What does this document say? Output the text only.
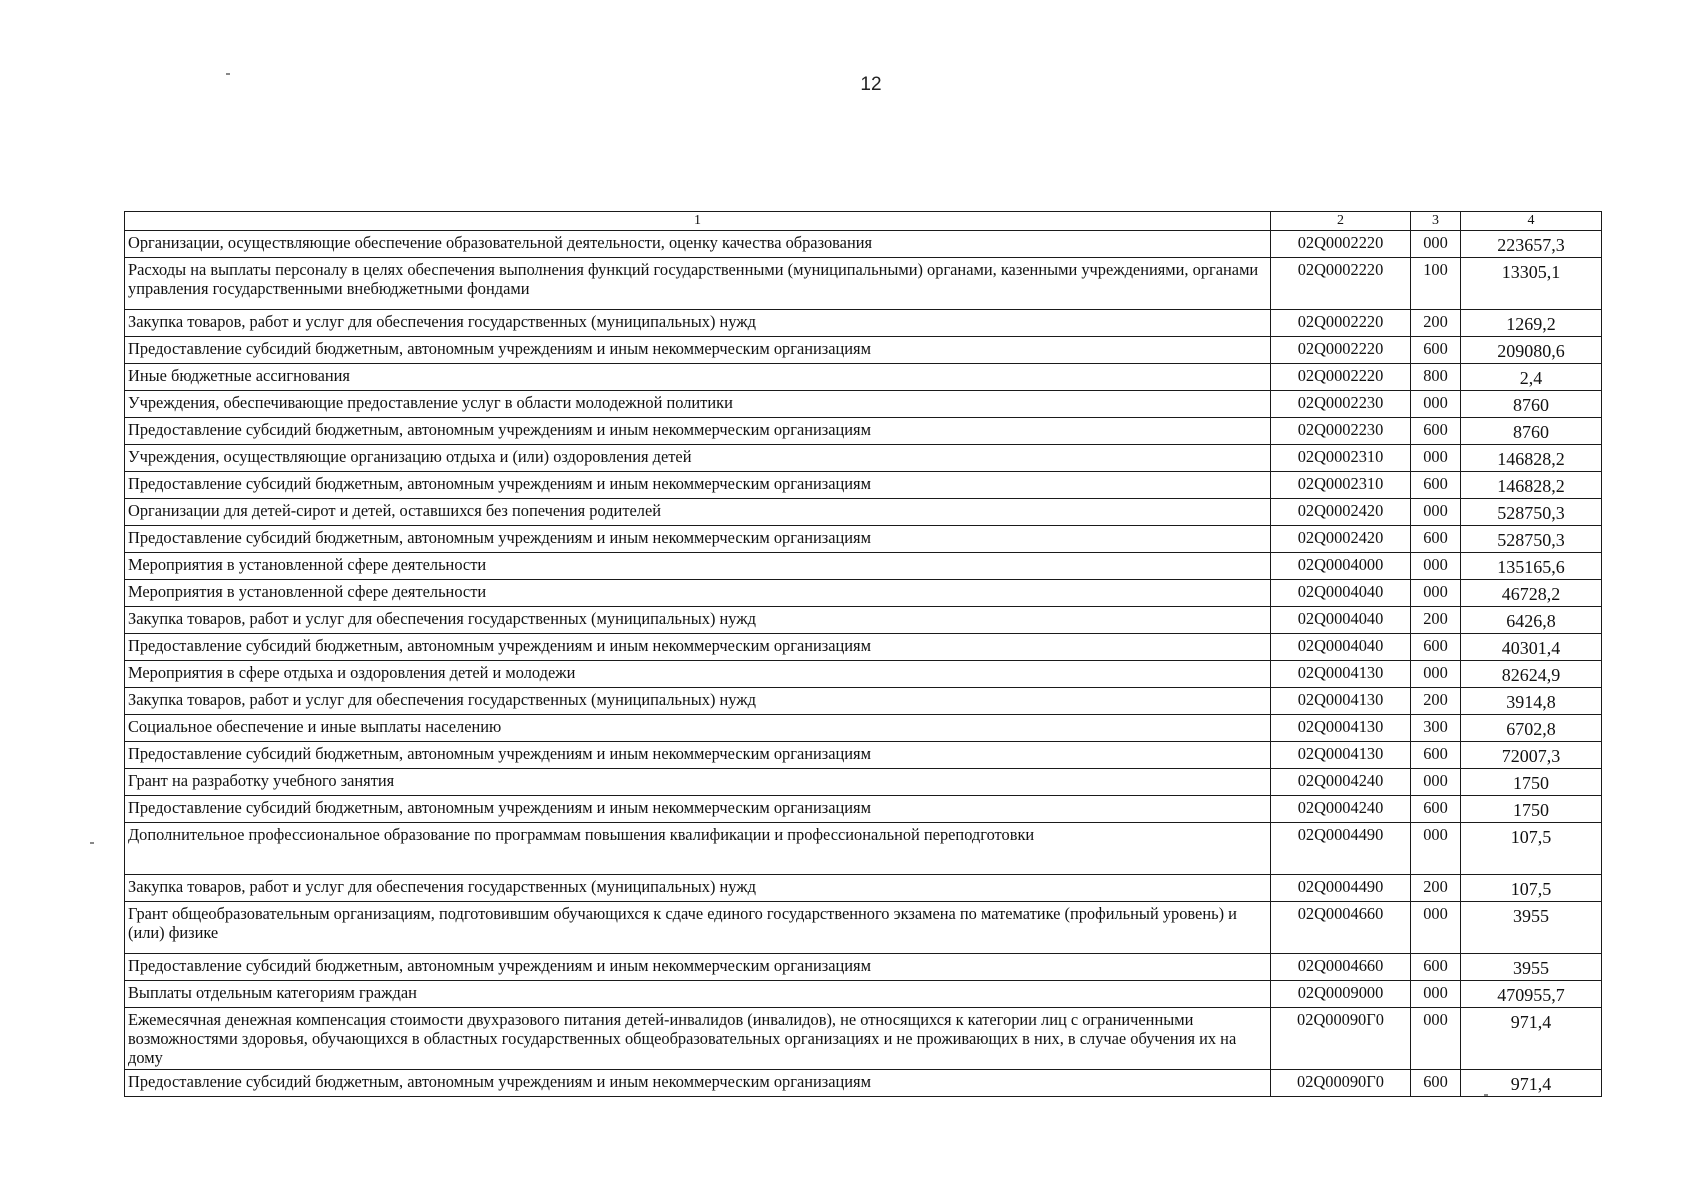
12
1	2	3	4
Организации, осуществляющие обеспечение образовательной деятельности, оценку качества образования	02Q0002220	000	223657,3
Расходы на выплаты персоналу в целях обеспечения выполнения функций государственными (муниципальными) органами, казенными учреждениями, органами управления государственными внебюджетными фондами	02Q0002220	100	13305,1
Закупка товаров, работ и услуг для обеспечения государственных (муниципальных) нужд	02Q0002220	200	1269,2
Предоставление субсидий бюджетным, автономным учреждениям и иным некоммерческим организациям	02Q0002220	600	209080,6
Иные бюджетные ассигнования	02Q0002220	800	2,4
Учреждения, обеспечивающие предоставление услуг в области молодежной политики	02Q0002230	000	8760
Предоставление субсидий бюджетным, автономным учреждениям и иным некоммерческим организациям	02Q0002230	600	8760
Учреждения, осуществляющие организацию отдыха и (или) оздоровления детей	02Q0002310	000	146828,2
Предоставление субсидий бюджетным, автономным учреждениям и иным некоммерческим организациям	02Q0002310	600	146828,2
Организации для детей-сирот и детей, оставшихся без попечения родителей	02Q0002420	000	528750,3
Предоставление субсидий бюджетным, автономным учреждениям и иным некоммерческим организациям	02Q0002420	600	528750,3
Мероприятия в установленной сфере деятельности	02Q0004000	000	135165,6
Мероприятия в установленной сфере деятельности	02Q0004040	000	46728,2
Закупка товаров, работ и услуг для обеспечения государственных (муниципальных) нужд	02Q0004040	200	6426,8
Предоставление субсидий бюджетным, автономным учреждениям и иным некоммерческим организациям	02Q0004040	600	40301,4
Мероприятия в сфере отдыха и оздоровления детей и молодежи	02Q0004130	000	82624,9
Закупка товаров, работ и услуг для обеспечения государственных (муниципальных) нужд	02Q0004130	200	3914,8
Социальное обеспечение и иные выплаты населению	02Q0004130	300	6702,8
Предоставление субсидий бюджетным, автономным учреждениям и иным некоммерческим организациям	02Q0004130	600	72007,3
Грант на разработку учебного занятия	02Q0004240	000	1750
Предоставление субсидий бюджетным, автономным учреждениям и иным некоммерческим организациям	02Q0004240	600	1750
Дополнительное профессиональное образование по программам повышения квалификации и профессиональной переподготовки	02Q0004490	000	107,5
Закупка товаров, работ и услуг для обеспечения государственных (муниципальных) нужд	02Q0004490	200	107,5
Грант общеобразовательным организациям, подготовившим обучающихся к сдаче единого государственного экзамена по математике (профильный уровень) и (или) физике	02Q0004660	000	3955
Предоставление субсидий бюджетным, автономным учреждениям и иным некоммерческим организациям	02Q0004660	600	3955
Выплаты отдельным категориям граждан	02Q0009000	000	470955,7
Ежемесячная денежная компенсация стоимости двухразового питания детей-инвалидов (инвалидов), не относящихся к категории лиц с ограниченными возможностями здоровья, обучающихся в областных государственных общеобразовательных организациях и не проживающих в них, в случае обучения их на дому	02Q00090Г0	000	971,4
Предоставление субсидий бюджетным, автономным учреждениям и иным некоммерческим организациям	02Q00090Г0	600	971,4
